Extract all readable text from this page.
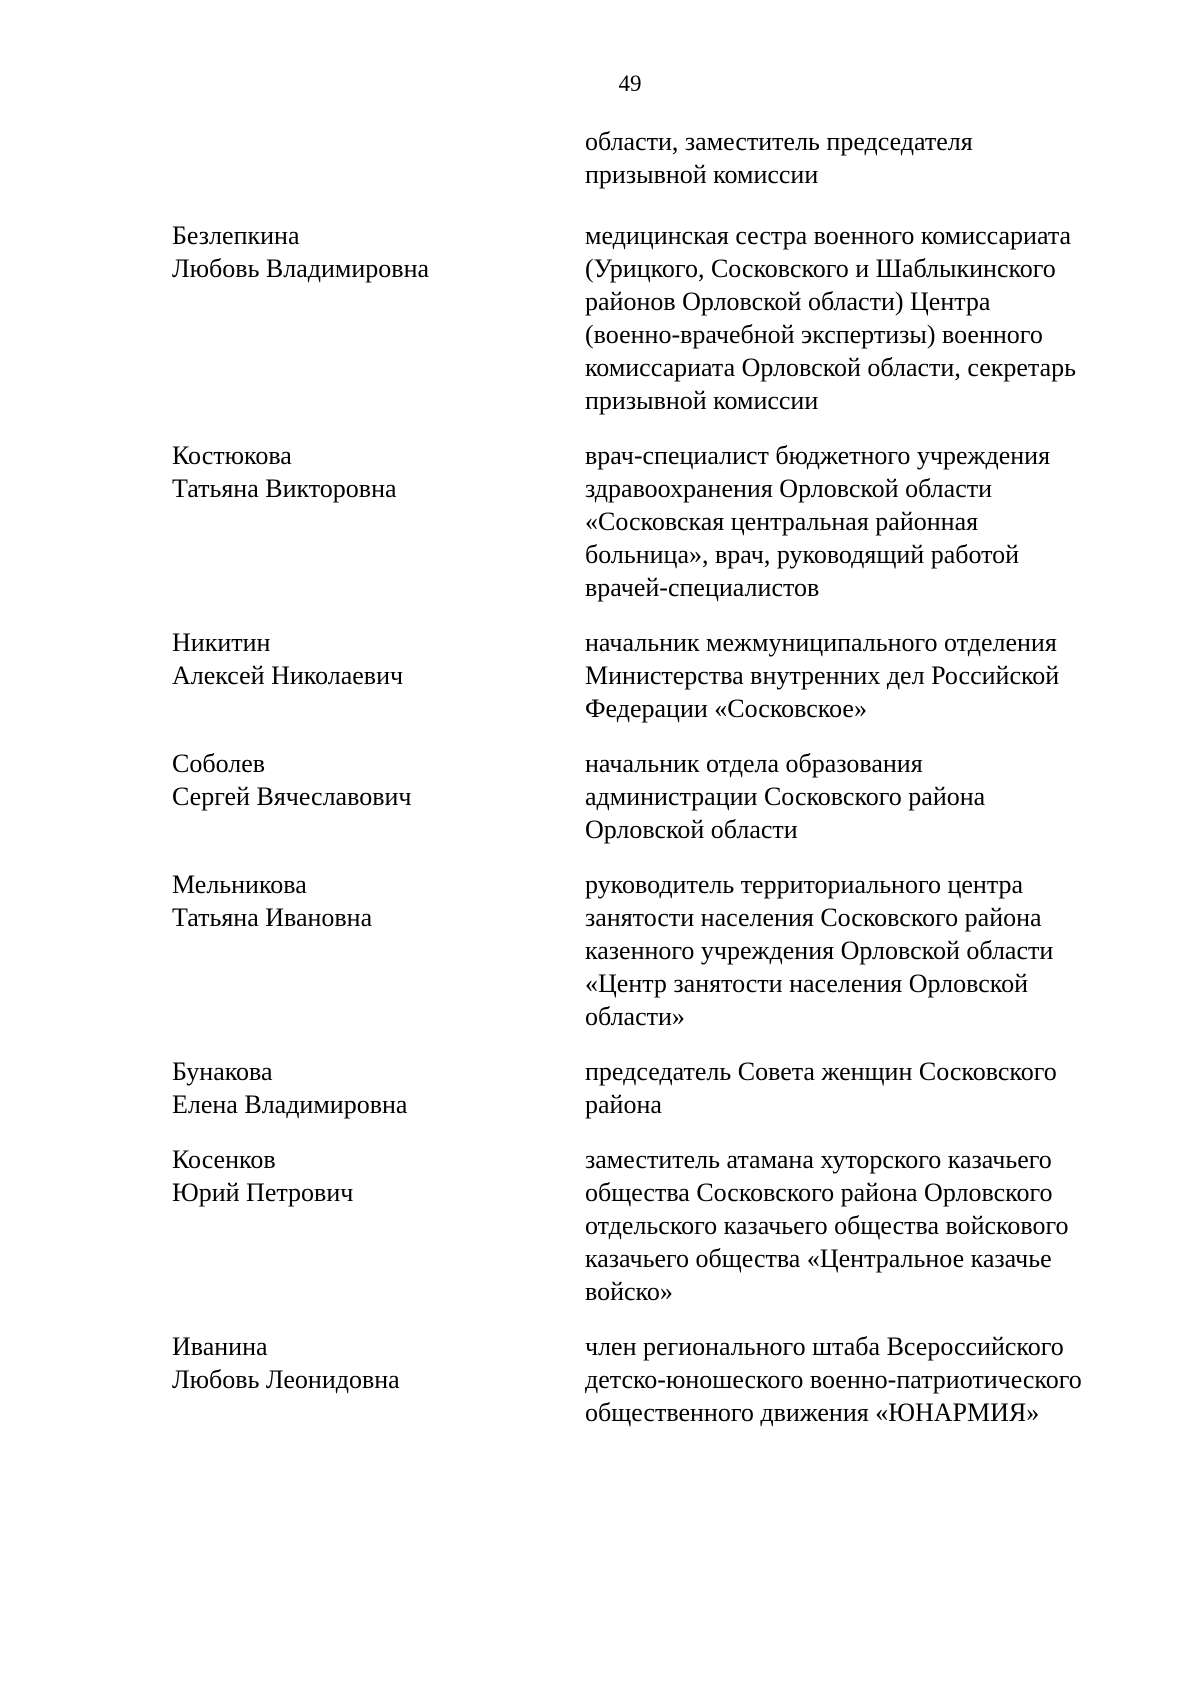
49
области, заместитель председателя
призывной комиссии
Безлепкина
Любовь Владимировна
медицинская сестра военного комиссариата
(Урицкого, Сосковского и Шаблыкинского
районов Орловской области) Центра
(военно-врачебной экспертизы) военного
комиссариата Орловской области, секретарь
призывной комиссии
Костюкова
Татьяна Викторовна
врач-специалист бюджетного учреждения
здравоохранения Орловской области
«Сосковская центральная районная
больница», врач, руководящий работой
врачей-специалистов
Никитин
Алексей Николаевич
начальник межмуниципального отделения
Министерства внутренних дел Российской
Федерации «Сосковское»
Соболев
Сергей Вячеславович
начальник отдела образования
администрации Сосковского района
Орловской области
Мельникова
Татьяна Ивановна
руководитель территориального центра
занятости населения Сосковского района
казенного учреждения Орловской области
«Центр занятости населения Орловской
области»
Бунакова
Елена Владимировна
председатель Совета женщин Сосковского
района
Косенков
Юрий Петрович
заместитель атамана хуторского казачьего
общества Сосковского района Орловского
отдельского казачьего общества войскового
казачьего общества «Центральное казачье
войско»
Иванина
Любовь Леонидовна
член регионального штаба Всероссийского
детско-юношеского военно-патриотического
общественного движения «ЮНАРМИЯ»
